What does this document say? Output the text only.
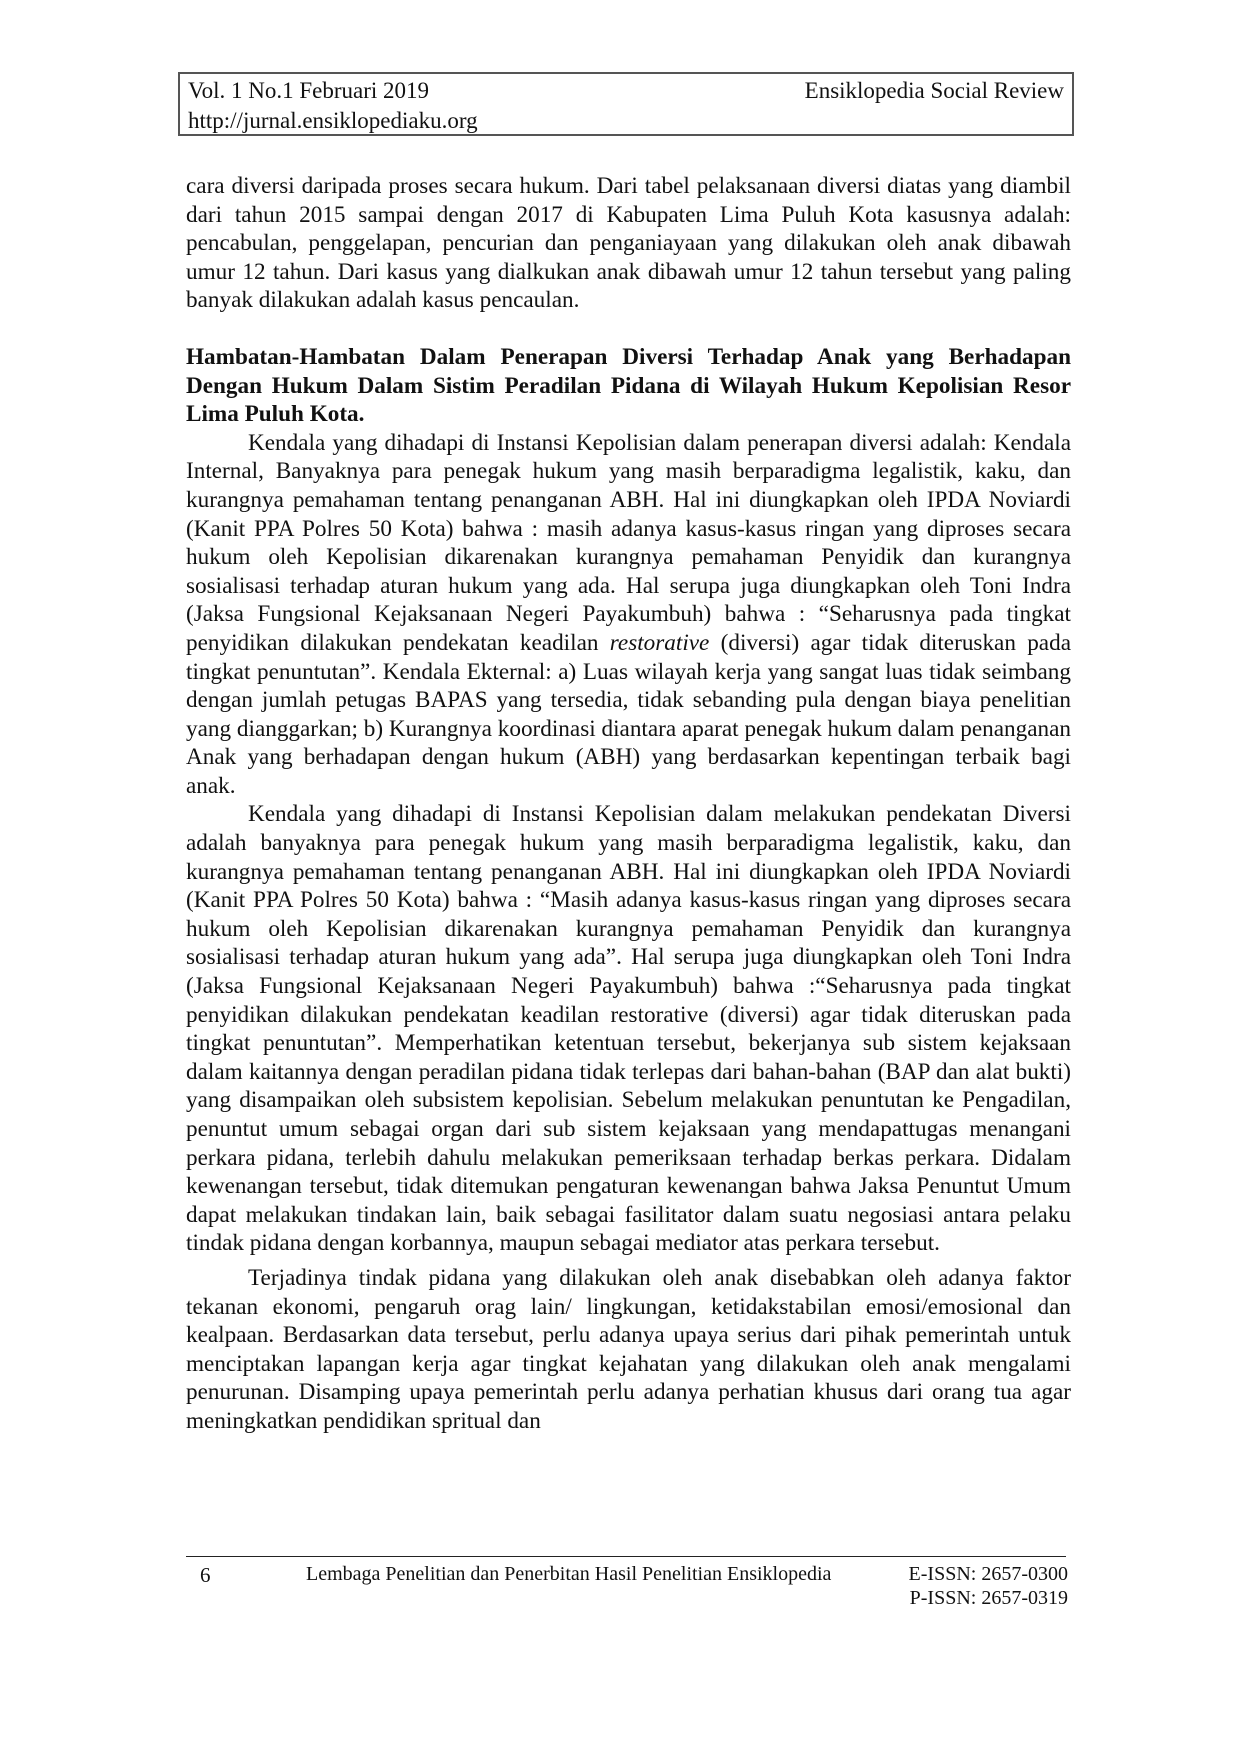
Vol. 1 No.1 Februari 2019
http://jurnal.ensiklopediaku.org
Ensiklopedia Social Review

cara diversi daripada proses secara hukum. Dari tabel pelaksanaan diversi diatas yang diambil dari tahun 2015 sampai dengan 2017 di Kabupaten Lima Puluh Kota kasusnya adalah: pencabulan, penggelapan, pencurian dan penganiayaan yang dilakukan oleh anak dibawah umur 12 tahun. Dari kasus yang dialkukan anak dibawah umur 12 tahun tersebut yang paling banyak dilakukan adalah kasus pencaulan.

Hambatan-Hambatan Dalam Penerapan Diversi Terhadap Anak yang Berhadapan Dengan Hukum Dalam Sistim Peradilan Pidana di Wilayah Hukum Kepolisian Resor Lima Puluh Kota.

Kendala yang dihadapi di Instansi Kepolisian dalam penerapan diversi adalah: Kendala Internal, Banyaknya para penegak hukum yang masih berparadigma legalistik, kaku, dan kurangnya pemahaman tentang penanganan ABH. Hal ini diungkapkan oleh IPDA Noviardi (Kanit PPA Polres 50 Kota) bahwa : masih adanya kasus-kasus ringan yang diproses secara hukum oleh Kepolisian dikarenakan kurangnya pemahaman Penyidik dan kurangnya sosialisasi terhadap aturan hukum yang ada. Hal serupa juga diungkapkan oleh Toni Indra (Jaksa Fungsional Kejaksanaan Negeri Payakumbuh) bahwa : “Seharusnya pada tingkat penyidikan dilakukan pendekatan keadilan restorative (diversi) agar tidak diteruskan pada tingkat penuntutan”. Kendala Ekternal: a) Luas wilayah kerja yang sangat luas tidak seimbang dengan jumlah petugas BAPAS yang tersedia, tidak sebanding pula dengan biaya penelitian yang dianggarkan; b) Kurangnya koordinasi diantara aparat penegak hukum dalam penanganan Anak yang berhadapan dengan hukum (ABH) yang berdasarkan kepentingan terbaik bagi anak.

Kendala yang dihadapi di Instansi Kepolisian dalam melakukan pendekatan Diversi adalah banyaknya para penegak hukum yang masih berparadigma legalistik, kaku, dan kurangnya pemahaman tentang penanganan ABH. Hal ini diungkapkan oleh IPDA Noviardi (Kanit PPA Polres 50 Kota) bahwa : “Masih adanya kasus-kasus ringan yang diproses secara hukum oleh Kepolisian dikarenakan kurangnya pemahaman Penyidik dan kurangnya sosialisasi terhadap aturan hukum yang ada”. Hal serupa juga diungkapkan oleh Toni Indra (Jaksa Fungsional Kejaksanaan Negeri Payakumbuh) bahwa :“Seharusnya pada tingkat penyidikan dilakukan pendekatan keadilan restorative (diversi) agar tidak diteruskan pada tingkat penuntutan”. Memperhatikan ketentuan tersebut, bekerjanya sub sistem kejaksaan dalam kaitannya dengan peradilan pidana tidak terlepas dari bahan-bahan (BAP dan alat bukti) yang disampaikan oleh subsistem kepolisian. Sebelum melakukan penuntutan ke Pengadilan, penuntut umum sebagai organ dari sub sistem kejaksaan yang mendapattugas menangani perkara pidana, terlebih dahulu melakukan pemeriksaan terhadap berkas perkara. Didalam kewenangan tersebut, tidak ditemukan pengaturan kewenangan bahwa Jaksa Penuntut Umum dapat melakukan tindakan lain, baik sebagai fasilitator dalam suatu negosiasi antara pelaku tindak pidana dengan korbannya, maupun sebagai mediator atas perkara tersebut.

Terjadinya tindak pidana yang dilakukan oleh anak disebabkan oleh adanya faktor tekanan ekonomi, pengaruh orag lain/ lingkungan, ketidakstabilan emosi/emosional dan kealpaan. Berdasarkan data tersebut, perlu adanya upaya serius dari pihak pemerintah untuk menciptakan lapangan kerja agar tingkat kejahatan yang dilakukan oleh anak mengalami penurunan. Disamping upaya pemerintah perlu adanya perhatian khusus dari orang tua agar meningkatkan pendidikan spritual dan

6	Lembaga Penelitian dan Penerbitan Hasil Penelitian Ensiklopedia	E-ISSN: 2657-0300
P-ISSN: 2657-0319
